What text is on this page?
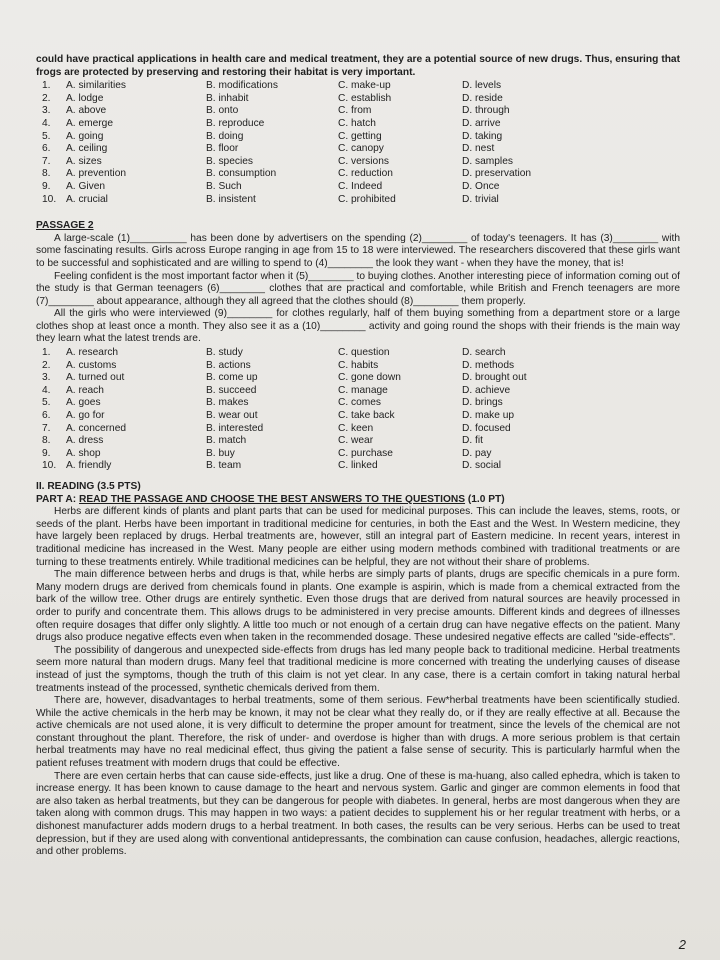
could have practical applications in health care and medical treatment, they are a potential source of new drugs. Thus, ensuring that frogs are protected by preserving and restoring their habitat is very important.

1.	A. similarities	B. modifications	C. make-up	D. levels
2.	A. lodge	B. inhabit	C. establish	D. reside
3.	A. above	B. onto	C. from	D. through
4.	A. emerge	B. reproduce	C. hatch	D. arrive
5.	A. going	B. doing	C. getting	D. taking
6.	A. ceiling	B. floor	C. canopy	D. nest
7.	A. sizes	B. species	C. versions	D. samples
8.	A. prevention	B. consumption	C. reduction	D. preservation
9.	A. Given	B. Such	C. Indeed	D. Once
10. A. crucial	B. insistent	C. prohibited	D. trivial

PASSAGE 2

A large-scale (1)__________ has been done by advertisers on the spending (2)________ of today's teenagers. It has (3)________ with some fascinating results. Girls across Europe ranging in age from 15 to 18 were interviewed. The researchers discovered that these girls want to be successful and sophisticated and are willing to spend to (4)________ the look they want - when they have the money, that is!

Feeling confident is the most important factor when it (5)________ to buying clothes. Another interesting piece of information coming out of the study is that German teenagers (6)________ clothes that are practical and comfortable, while British and French teenagers are more (7)________ about appearance, although they all agreed that the clothes should (8)________ them properly.

All the girls who were interviewed (9)________ for clothes regularly, half of them buying something from a department store or a large clothes shop at least once a month. They also see it as a (10)________ activity and going round the shops with their friends is the main way they learn what the latest trends are.

1.	A. research	B. study	C. question	D. search
2.	A. customs	B. actions	C. habits	D. methods
3.	A. turned out	B. come up	C. gone down	D. brought out
4.	A. reach	B. succeed	C. manage	D. achieve
5.	A. goes	B. makes	C. comes	D. brings
6.	A. go for	B. wear out	C. take back	D. make up
7.	A. concerned	B. interested	C. keen	D. focused
8.	A. dress	B. match	C. wear	D. fit
9.	A. shop	B. buy	C. purchase	D. pay
10. A. friendly	B. team	C. linked	D. social

II. READING (3.5 PTS)

PART A: READ THE PASSAGE AND CHOOSE THE BEST ANSWERS TO THE QUESTIONS (1.0 PT)

Herbs are different kinds of plants and plant parts that can be used for medicinal purposes. This can include the leaves, stems, roots, or seeds of the plant. Herbs have been important in traditional medicine for centuries, in both the East and the West. In Western medicine, they have largely been replaced by drugs. Herbal treatments are, however, still an integral part of Eastern medicine. In recent years, interest in traditional medicine has increased in the West. Many people are either using modern methods combined with traditional treatments or are turning to these treatments entirely. While traditional medicines can be helpful, they are not without their share of problems.

The main difference between herbs and drugs is that, while herbs are simply parts of plants, drugs are specific chemicals in a pure form. Many modern drugs are derived from chemicals found in plants. One example is aspirin, which is made from a chemical extracted from the bark of the willow tree. Other drugs are entirely synthetic. Even those drugs that are derived from natural sources are heavily processed in order to purify and concentrate them. This allows drugs to be administered in very precise amounts. Different kinds and degrees of illnesses often require dosages that differ only slightly. A little too much or not enough of a certain drug can have negative effects on the patient. Many drugs also produce negative effects even when taken in the recommended dosage. These undesired negative effects are called "side-effects".

The possibility of dangerous and unexpected side-effects from drugs has led many people back to traditional medicine. Herbal treatments seem more natural than modern drugs. Many feel that traditional medicine is more concerned with treating the underlying causes of disease instead of just the symptoms, though the truth of this claim is not yet clear. In any case, there is a certain comfort in taking natural herbal treatments instead of the processed, synthetic chemicals derived from them.

There are, however, disadvantages to herbal treatments, some of them serious. Few*herbal treatments have been scientifically studied. While the active chemicals in the herb may be known, it may not be clear what they really do, or if they are really effective at all. Because the active chemicals are not used alone, it is very difficult to determine the proper amount for treatment, since the levels of the chemical are not constant throughout the plant. Therefore, the risk of under- and overdose is higher than with drugs. A more serious problem is that certain herbal treatments may have no real medicinal effect, thus giving the patient a false sense of security. This is particularly harmful when the patient refuses treatment with modern drugs that could be effective.

There are even certain herbs that can cause side-effects, just like a drug. One of these is ma-huang, also called ephedra, which is taken to increase energy. It has been known to cause damage to the heart and nervous system. Garlic and ginger are common elements in food that are also taken as herbal treatments, but they can be dangerous for people with diabetes. In general, herbs are most dangerous when they are taken along with common drugs. This may happen in two ways: a patient decides to supplement his or her regular treatment with herbs, or a dishonest manufacturer adds modern drugs to a herbal treatment. In both cases, the results can be very serious. Herbs can be used to treat depression, but if they are used along with conventional antidepressants, the combination can cause confusion, headaches, allergic reactions, and other problems.

2
